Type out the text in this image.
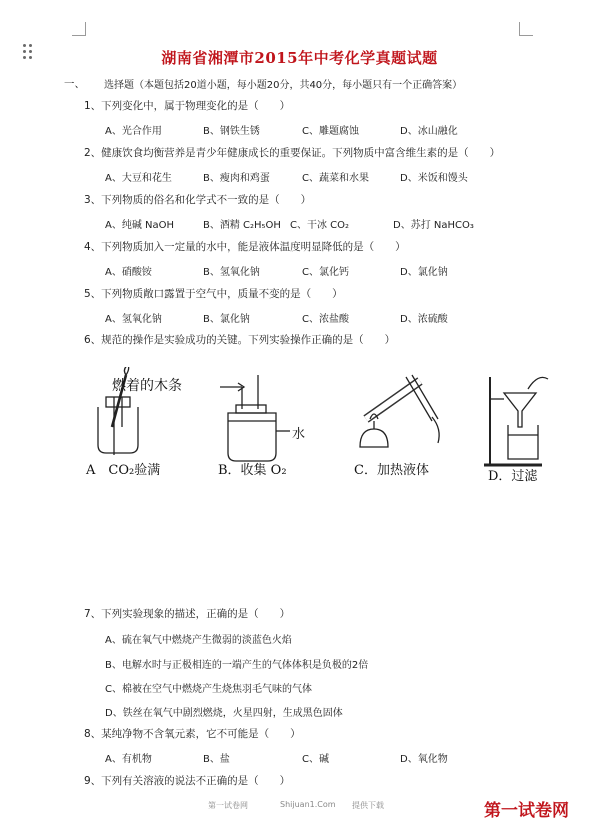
湖南省湘潭市2015年中考化学真题试题
一、 选择题（本题包括20道小题，每小题20分，共40分，每小题只有一个正确答案）
1、下列变化中，属于物理变化的是（　　）
A、光合作用	B、钢铁生锈	C、雕题腐蚀	D、冰山融化
2、健康饮食均衡营养是青少年健康成长的重要保证。下列物质中富含维生素的是（　　）
A、大豆和花生	B、瘦肉和鸡蛋	C、蔬菜和水果	D、米饭和馒头
3、下列物质的俗名和化学式不一致的是（　　）
A、纯碱 NaOH	B、酒精 C₂H₅OH C、干冰 CO₂	D、苏打 NaHCO₃
4、下列物质加入一定量的水中，能是液体温度明显降低的是（　　）
A、硝酸铵	B、氢氧化钠	C、氯化钙	D、氯化钠
5、下列物质敞口露置于空气中，质量不变的是（　　）
A、氢氧化钠	B、氯化钠	C、浓盐酸	D、浓硫酸
6、规范的操作是实验成功的关键。下列实验操作正确的是（　　）
燃着的木条
A　CO₂验满
水
B．收集 O₂	C．加热液体	D．过滤
7、下列实验现象的描述，正确的是（　　）
A、硫在氧气中燃烧产生微弱的淡蓝色火焰
B、电解水时与正极相连的一端产生的气体体积是负极的2倍
C、棉被在空气中燃烧产生烧焦羽毛气味的气体
D、铁丝在氧气中剧烈燃烧，火星四射，生成黑色固体
8、某纯净物不含氧元素，它不可能是（　　）
A、有机物	B、盐	C、碱	D、氧化物
9、下列有关溶液的说法不正确的是（　　）
第一试卷网	Shijuan1.Com 提供下载	第一试卷网
